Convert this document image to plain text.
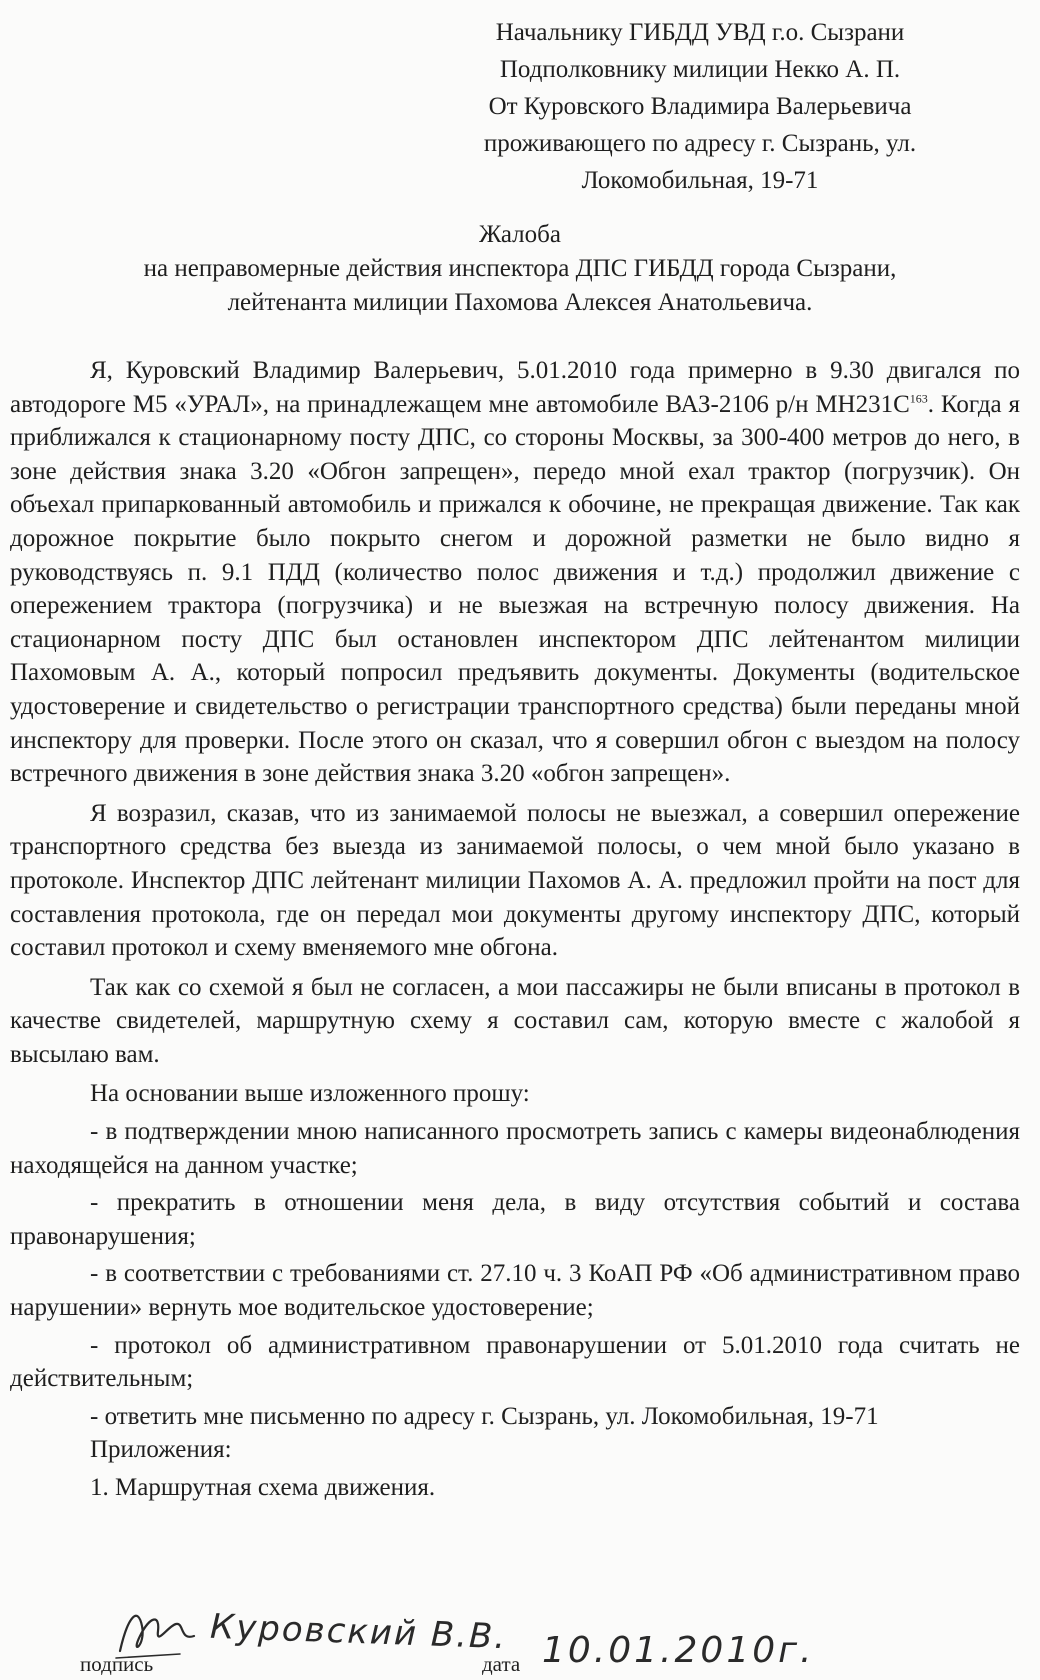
Начальнику ГИБДД УВД г.о. Сызрани
Подполковнику милиции Некко А. П.
От Куровского Владимира Валерьевича
проживающего по адресу г. Сызрань, ул.
Локомобильная, 19-71
Жалоба
на неправомерные действия инспектора ДПС ГИБДД города Сызрани,
лейтенанта милиции Пахомова Алексея Анатольевича.

Я, Куровский Владимир Валерьевич, 5.01.2010 года примерно в 9.30 двигался по автодороге М5 «УРАЛ», на принадлежащем мне автомобиле ВАЗ-2106 р/н $МН231С^{163}$. Когда я приближался к стационарному посту ДПС, со стороны Москвы, за 300-400 метров до него, в зоне действия знака 3.20 «Обгон запрещен», передо мной ехал трактор (погрузчик). Он объехал припаркованный автомобиль и прижался к обочине, не прекращая движение. Так как дорожное покрытие было покрыто снегом и дорожной разметки не было видно я руководствуясь п. 9.1 ПДД (количество полос движения и т.д.) продолжил движение с опережением трактора (погрузчика) и не выезжая на встречную полосу движения. На стационарном посту ДПС был остановлен инспектором ДПС лейтенантом милиции Пахомовым А. А., который попросил предъявить документы. Документы (водительское удостоверение и свидетельство о регистрации транспортного средства) были переданы мной инспектору для проверки. После этого он сказал, что я совершил обгон с выездом на полосу встречного движения в зоне действия знака 3.20 «обгон запрещен».

Я возразил, сказав, что из занимаемой полосы не выезжал, а совершил опережение транспортного средства без выезда из занимаемой полосы, о чем мной было указано в протоколе. Инспектор ДПС лейтенант милиции Пахомов А. А. предложил пройти на пост для составления протокола, где он передал мои документы другому инспектору ДПС, который составил протокол и схему вменяемого мне обгона.

Так как со схемой я был не согласен, а мои пассажиры не были вписаны в протокол в качестве свидетелей, маршрутную схему я составил сам, которую вместе с жалобой я высылаю вам.

На основании выше изложенного прошу:

- в подтверждении мною написанного просмотреть запись с камеры видеонаблюдения находящейся на данном участке;

- прекратить в отношении меня дела, в виду отсутствия событий и состава правонарушения;

- в соответствии с требованиями ст. 27.10 ч. 3 КоАП РФ «Об административном право нарушении» вернуть мое водительское удостоверение;

- протокол об административном правонарушении от 5.01.2010 года считать не действительным;

- ответить мне письменно по адресу г. Сызрань, ул. Локомобильная, 19-71

Приложения:

1. Маршрутная схема движения.

подпись
Куровский В.В.
дата 10.01.2010г.
